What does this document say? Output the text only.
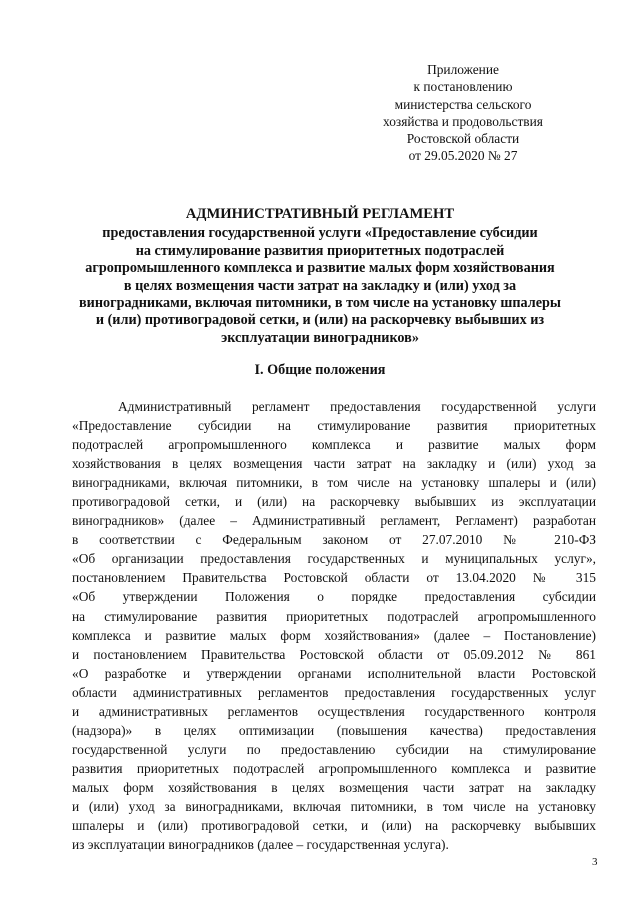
Приложение
к постановлению
министерства сельского
хозяйства и продовольствия
Ростовской области
от 29.05.2020 № 27
АДМИНИСТРАТИВНЫЙ РЕГЛАМЕНТ
предоставления государственной услуги «Предоставление субсидии
на стимулирование развития приоритетных подотраслей
агропромышленного комплекса и развитие малых форм хозяйствования
в целях возмещения части затрат на закладку и (или) уход за
виноградниками, включая питомники, в том числе на установку шпалеры
и (или) противоградовой сетки, и (или) на раскорчевку выбывших из
эксплуатации виноградников»
I. Общие положения
Административный регламент предоставления государственной услуги
«Предоставление субсидии на стимулирование развития приоритетных
подотраслей агропромышленного комплекса и развитие малых форм
хозяйствования в целях возмещения части затрат на закладку и (или) уход за
виноградниками, включая питомники, в том числе на установку шпалеры и (или)
противоградовой сетки, и (или) на раскорчевку выбывших из эксплуатации
виноградников» (далее – Административный регламент, Регламент) разработан
в соответствии с Федеральным законом от 27.07.2010 № 210-ФЗ
«Об организации предоставления государственных и муниципальных услуг»,
постановлением Правительства Ростовской области от 13.04.2020 № 315
«Об утверждении Положения о порядке предоставления субсидии
на стимулирование развития приоритетных подотраслей агропромышленного
комплекса и развитие малых форм хозяйствования» (далее – Постановление)
и постановлением Правительства Ростовской области от 05.09.2012 № 861
«О разработке и утверждении органами исполнительной власти Ростовской
области административных регламентов предоставления государственных услуг
и административных регламентов осуществления государственного контроля
(надзора)» в целях оптимизации (повышения качества) предоставления
государственной услуги по предоставлению субсидии на стимулирование
развития приоритетных подотраслей агропромышленного комплекса и развитие
малых форм хозяйствования в целях возмещения части затрат на закладку
и (или) уход за виноградниками, включая питомники, в том числе на установку
шпалеры и (или) противоградовой сетки, и (или) на раскорчевку выбывших
из эксплуатации виноградников (далее – государственная услуга).
3
